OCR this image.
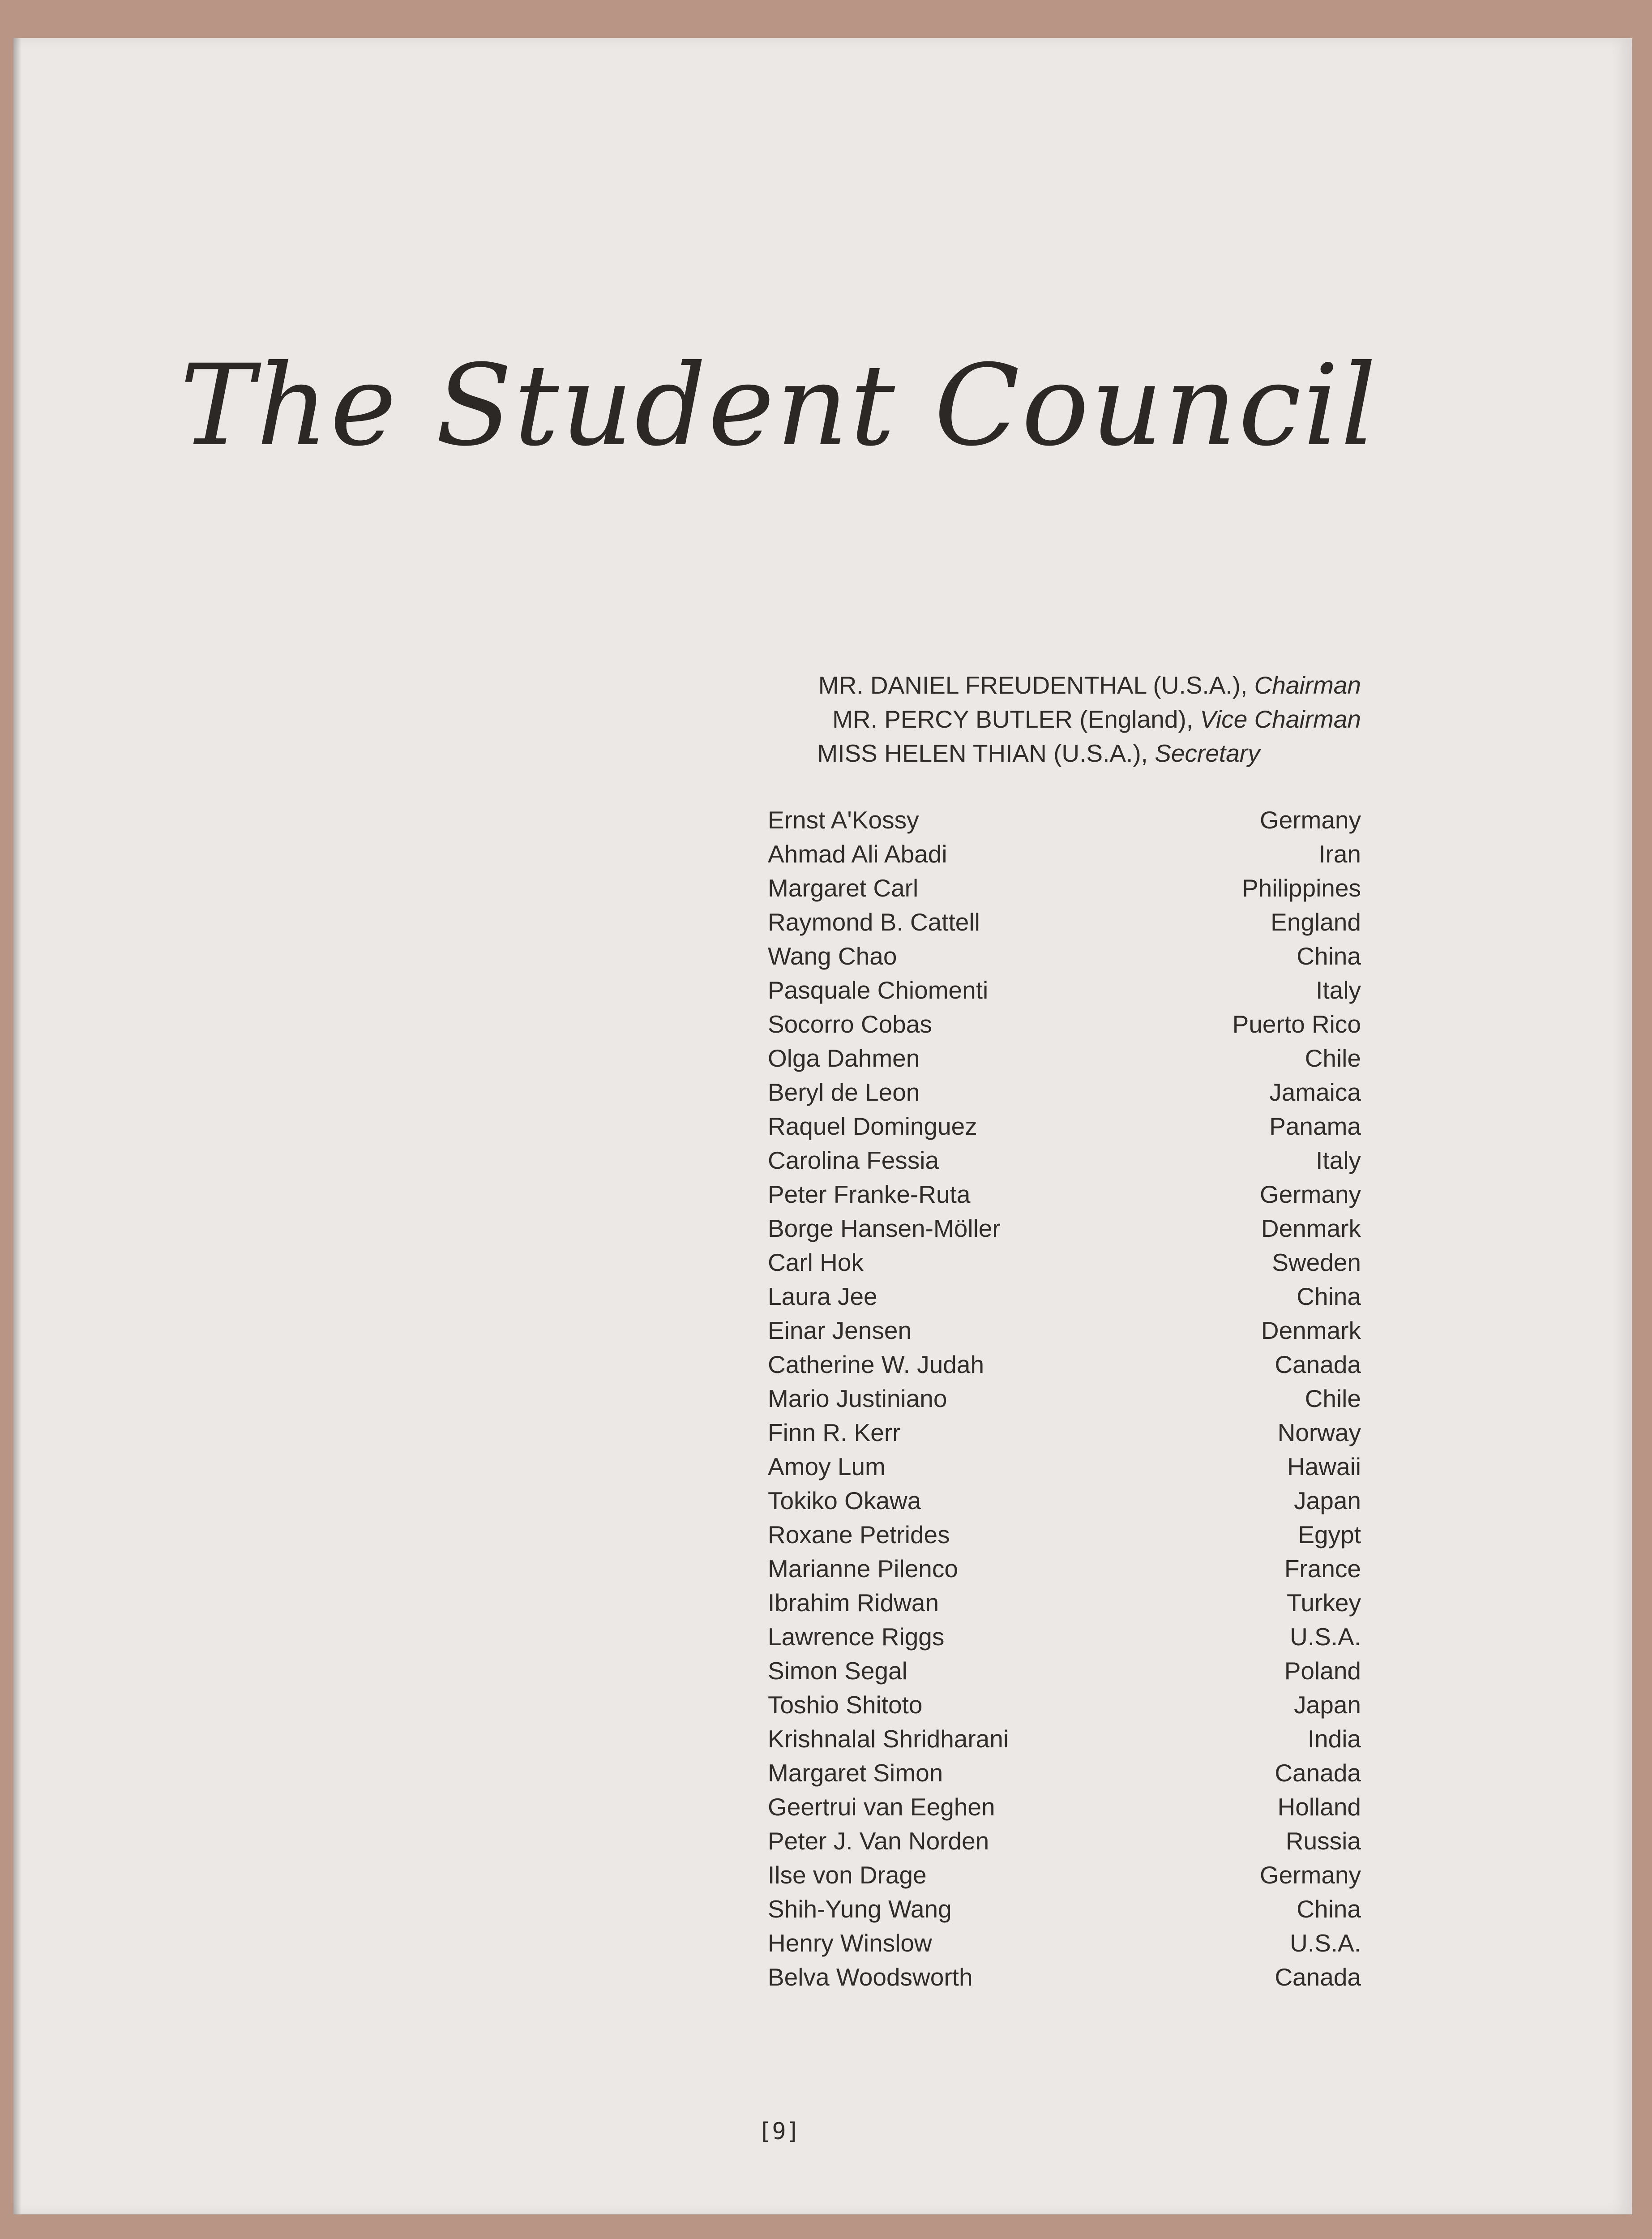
The Student Council
MR. DANIEL FREUDENTHAL (U.S.A.), Chairman
MR. PERCY BUTLER (England), Vice Chairman
MISS HELEN THIAN (U.S.A.), Secretary
Ernst A'Kossy	Germany
Ahmad Ali Abadi	Iran
Margaret Carl	Philippines
Raymond B. Cattell	England
Wang Chao	China
Pasquale Chiomenti	Italy
Socorro Cobas	Puerto Rico
Olga Dahmen	Chile
Beryl de Leon	Jamaica
Raquel Dominguez	Panama
Carolina Fessia	Italy
Peter Franke-Ruta	Germany
Borge Hansen-Möller	Denmark
Carl Hok	Sweden
Laura Jee	China
Einar Jensen	Denmark
Catherine W. Judah	Canada
Mario Justiniano	Chile
Finn R. Kerr	Norway
Amoy Lum	Hawaii
Tokiko Okawa	Japan
Roxane Petrides	Egypt
Marianne Pilenco	France
Ibrahim Ridwan	Turkey
Lawrence Riggs	U.S.A.
Simon Segal	Poland
Toshio Shitoto	Japan
Krishnalal Shridharani	India
Margaret Simon	Canada
Geertrui van Eeghen	Holland
Peter J. Van Norden	Russia
Ilse von Drage	Germany
Shih-Yung Wang	China
Henry Winslow	U.S.A.
Belva Woodsworth	Canada
[9]
